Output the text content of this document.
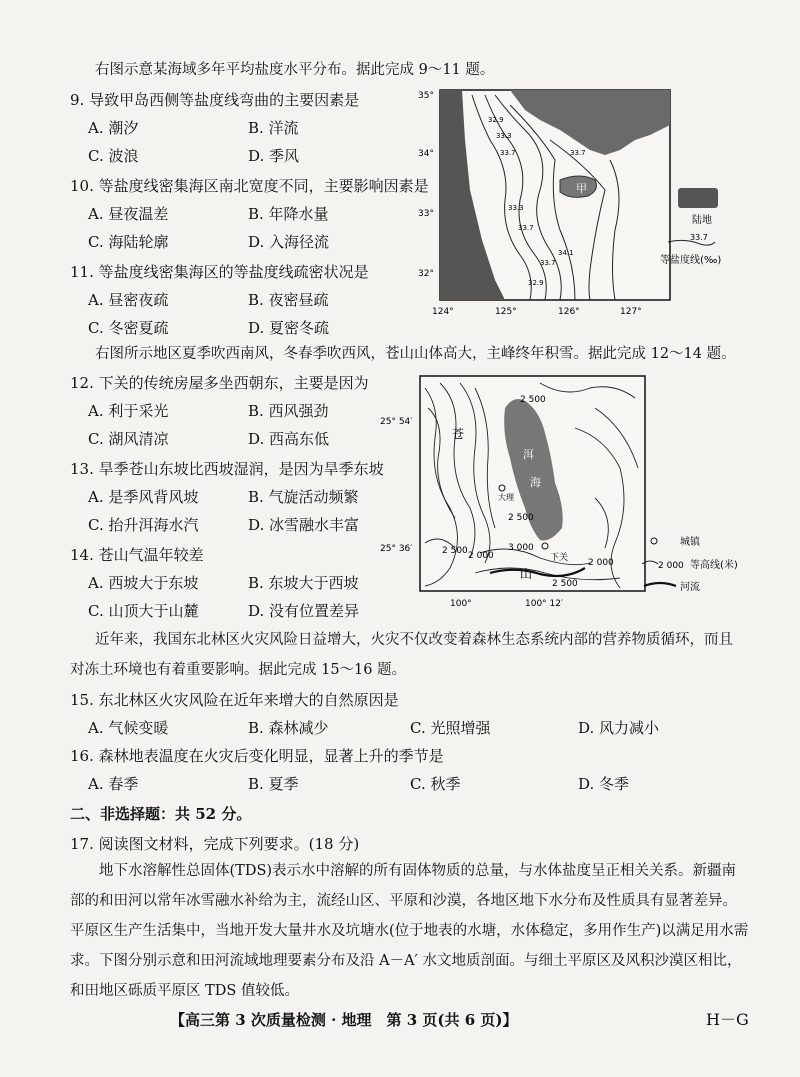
右图示意某海域多年平均盐度水平分布。据此完成 9～11 题。
9. 导致甲岛西侧等盐度线弯曲的主要因素是
A. 潮汐	B. 洋流
C. 波浪	D. 季风
10. 等盐度线密集海区南北宽度不同，主要影响因素是
A. 昼夜温差	B. 年降水量
C. 海陆轮廓	D. 入海径流
11. 等盐度线密集海区的等盐度线疏密状况是
A. 昼密夜疏	B. 夜密昼疏
C. 冬密夏疏	D. 夏密冬疏
甲
32.9
33.3
33.7
33.3
33.7
34.1
32.9
33.7
33.7
35°
34°
33°
32°
124°	125°	126°	127°
陆地
33.7
等盐度线(‰)
右图所示地区夏季吹西南风，冬春季吹西风，苍山山体高大，主峰终年积雪。据此完成 12～14 题。
12. 下关的传统房屋多坐西朝东，主要是因为
A. 利于采光	B. 西风强劲
C. 湖风清凉	D. 西高东低
13. 旱季苍山东坡比西坡湿润，是因为旱季东坡
A. 是季风背风坡	B. 气旋活动频繁
C. 抬升洱海水汽	D. 冰雪融水丰富
14. 苍山气温年较差
A. 西坡大于东坡	B. 东坡大于西坡
C. 山顶大于山麓	D. 没有位置差异
洱
海
大理
下关
苍
山
2 500
2 500
2 500 2 000
3 000
2 000
2 500
25° 54′
25° 36′
100°	100° 12′
城镇
2 000 等高线(米)
河流
近年来，我国东北林区火灾风险日益增大，火灾不仅改变着森林生态系统内部的营养物质循环，而且
对冻土环境也有着重要影响。据此完成 15～16 题。
15. 东北林区火灾风险在近年来增大的自然原因是
A. 气候变暖	B. 森林减少	C. 光照增强	D. 风力减小
16. 森林地表温度在火灾后变化明显，显著上升的季节是
A. 春季	B. 夏季	C. 秋季	D. 冬季
二、非选择题：共 52 分。
17. 阅读图文材料，完成下列要求。(18 分)
地下水溶解性总固体(TDS)表示水中溶解的所有固体物质的总量，与水体盐度呈正相关关系。新疆南部的和田河以常年冰雪融水补给为主，流经山区、平原和沙漠，各地区地下水分布及性质具有显著差异。平原区生产生活集中，当地开发大量井水及坑塘水(位于地表的水塘，水体稳定，多用作生产)以满足用水需求。下图分别示意和田河流域地理要素分布及沿 A－A′ 水文地质剖面。与细土平原区及风积沙漠区相比，和田地区砾质平原区 TDS 值较低。
【高三第 3 次质量检测 · 地理　第 3 页(共 6 页)】	H－G
